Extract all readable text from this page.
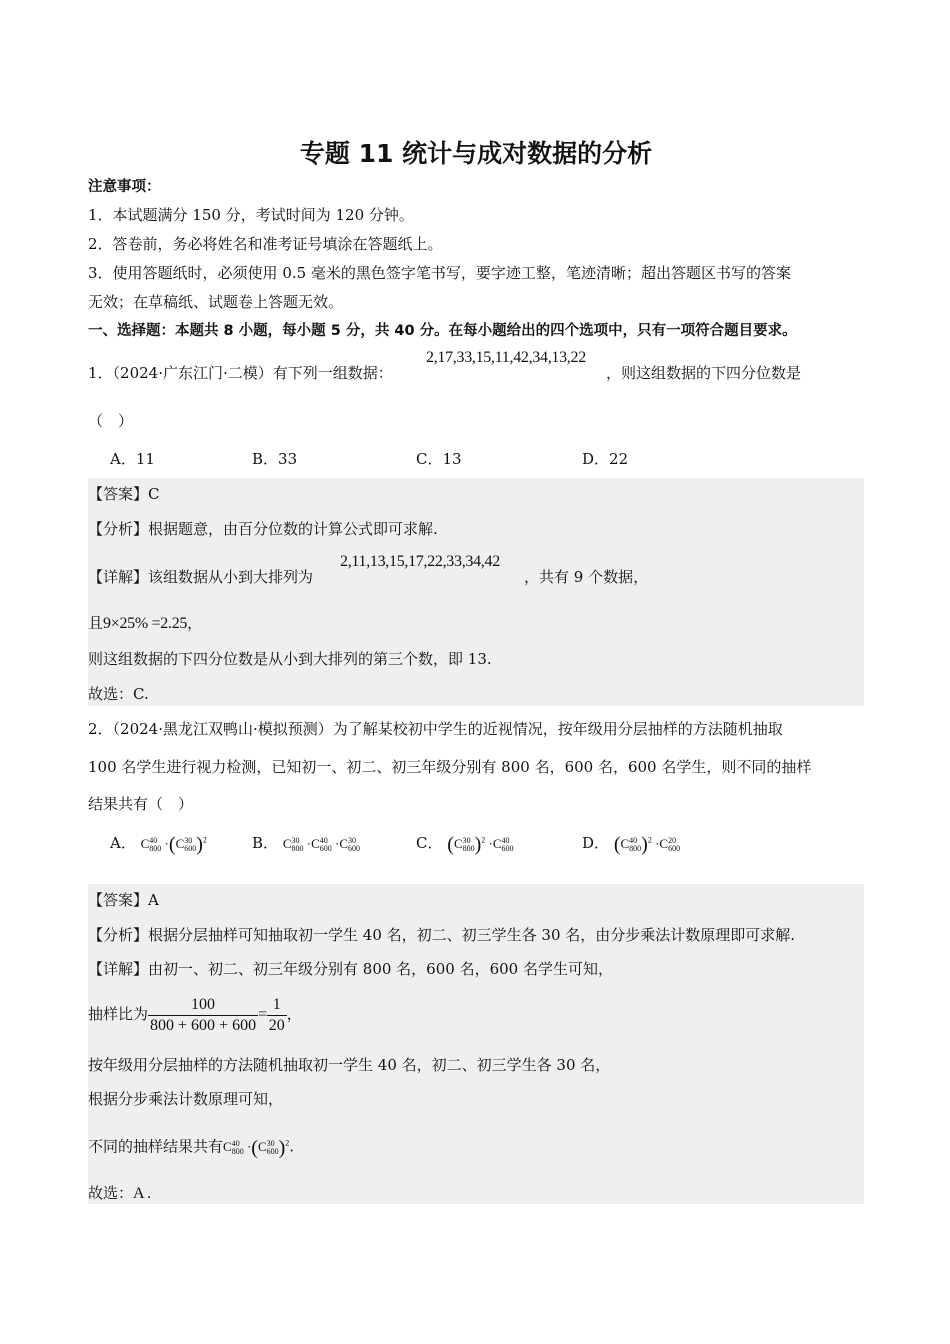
专题 11 统计与成对数据的分析
注意事项：
1．本试题满分 150 分，考试时间为 120 分钟。
2．答卷前，务必将姓名和准考证号填涂在答题纸上。
3．使用答题纸时，必须使用 0.5 毫米的黑色签字笔书写，要字迹工整，笔迹清晰；超出答题区书写的答案
无效；在草稿纸、试题卷上答题无效。
一、选择题：本题共 8 小题，每小题 5 分，共 40 分。在每小题给出的四个选项中，只有一项符合题目要求。
1．（2024·广东江门·二模）有下列一组数据：
2,17,33,15,11,42,34,13,22
，则这组数据的下四分位数是
（　）
A．11	B．33	C．13	D．22
【答案】C
【分析】根据题意，由百分位数的计算公式即可求解.
【详解】该组数据从小到大排列为
2,11,13,15,17,22,33,34,42
，共有 9 个数据，
且9×25% =2.25，
则这组数据的下四分位数是从小到大排列的第三个数，即 13.
故选：C.
2．（2024·黑龙江双鸭山·模拟预测）为了解某校初中学生的近视情况，按年级用分层抽样的方法随机抽取
100 名学生进行视力检测，已知初一、初二、初三年级分别有 800 名，600 名，600 名学生，则不同的抽样
结果共有（　）
A． C40
800 ·(C30
600)$^2$	B． C30
800 ·C40
600 ·C30
600	C． (C30
800)$^2$ ·C40
600	D． (C40
800)$^2$ ·C20
600
【答案】A
【分析】根据分层抽样可知抽取初一学生 40 名，初二、初三学生各 30 名，由分步乘法计数原理即可求解.
【详解】由初一、初二、初三年级分别有 800 名，600 名，600 名学生可知，
抽样比为 $\frac{100}{800 + 600 + 600} = \frac{1}{20}$ ，
按年级用分层抽样的方法随机抽取初一学生 40 名，初二、初三学生各 30 名，
根据分步乘法计数原理可知，
不同的抽样结果共有C40
800 ·(C30
600)$^2$.
故选：A .
